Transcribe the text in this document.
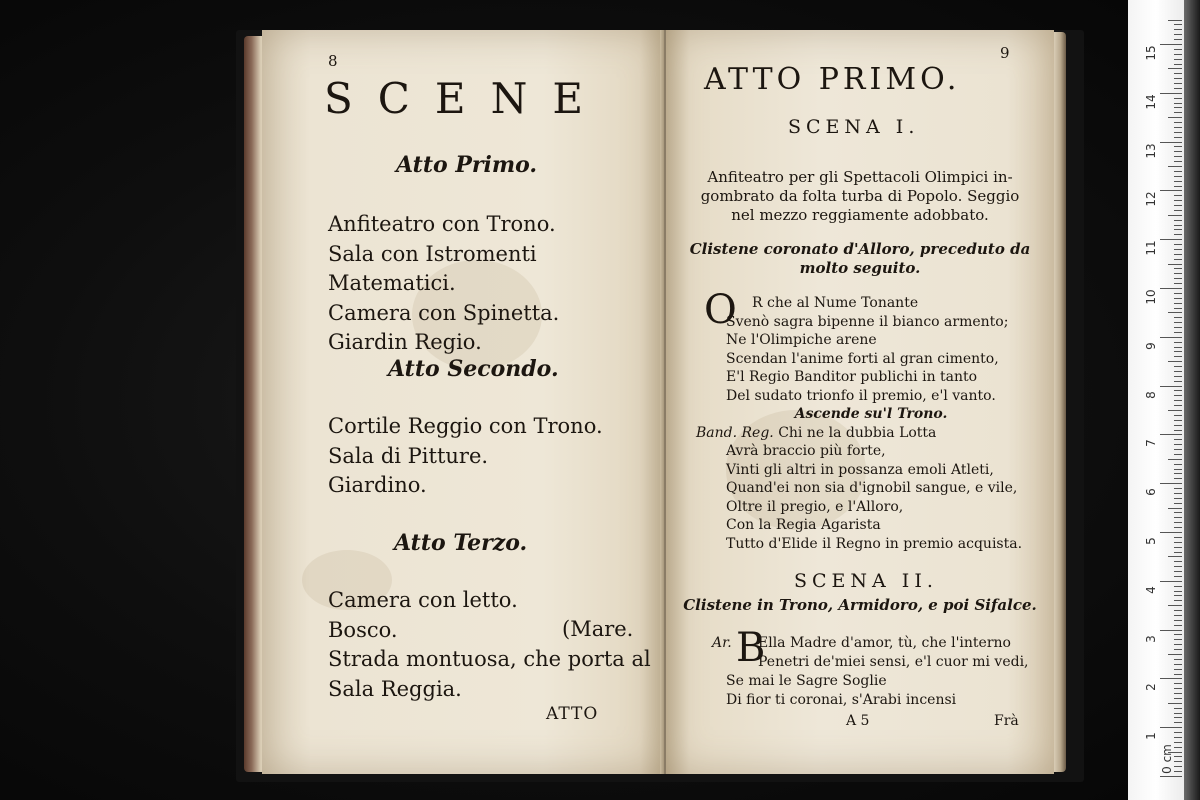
8
SCENE
Atto Primo.
Anfiteatro con Trono.
Sala con Istromenti Matematici.
Camera con Spinetta.
Giardin Regio.
Atto Secondo.
Cortile Reggio con Trono.
Sala di Pitture.
Giardino.
Atto Terzo.
Camera con letto.
Bosco.
Strada montuosa, che porta al
Sala Reggia.
(Mare.
ATTO
9
ATTO PRIMO.
SCENA I.
Anfiteatro per gli Spettacoli Olimpici in-
gombrato da folta turba di Popolo. Seggio
nel mezzo reggiamente adobbato.
Clistene coronato d'Alloro, preceduto da
molto seguito.
O	R che al Nume Tonante
Svenò sagra bipenne il bianco armento;
Ne l'Olimpiche arene
Scendan l'anime forti al gran cimento,
E'l Regio Banditor publichi in tanto
Del sudato trionfo il premio, e'l vanto.
Ascende su'l Trono.
Band. Reg. Chi ne la dubbia Lotta
Avrà braccio più forte,
Vinti gli altri in possanza emoli Atleti,
Quand'ei non sia d'ignobil sangue, e vile,
Oltre il pregio, e l'Alloro,
Con la Regia Agarista
Tutto d'Elide il Regno in premio acquista.
SCENA II.
Clistene in Trono, Armidoro, e poi Sifalce.
Ar. B
Ella Madre d'amor, tù, che l'interno
Penetri de'miei sensi, e'l cuor mi vedi,
Se mai le Sagre Soglie
Di fior ti coronai, s'Arabi incensi
A 5	Frà
0 cm
1
2
3
4
5
6
7
8
9
10
11
12
13
14
15
